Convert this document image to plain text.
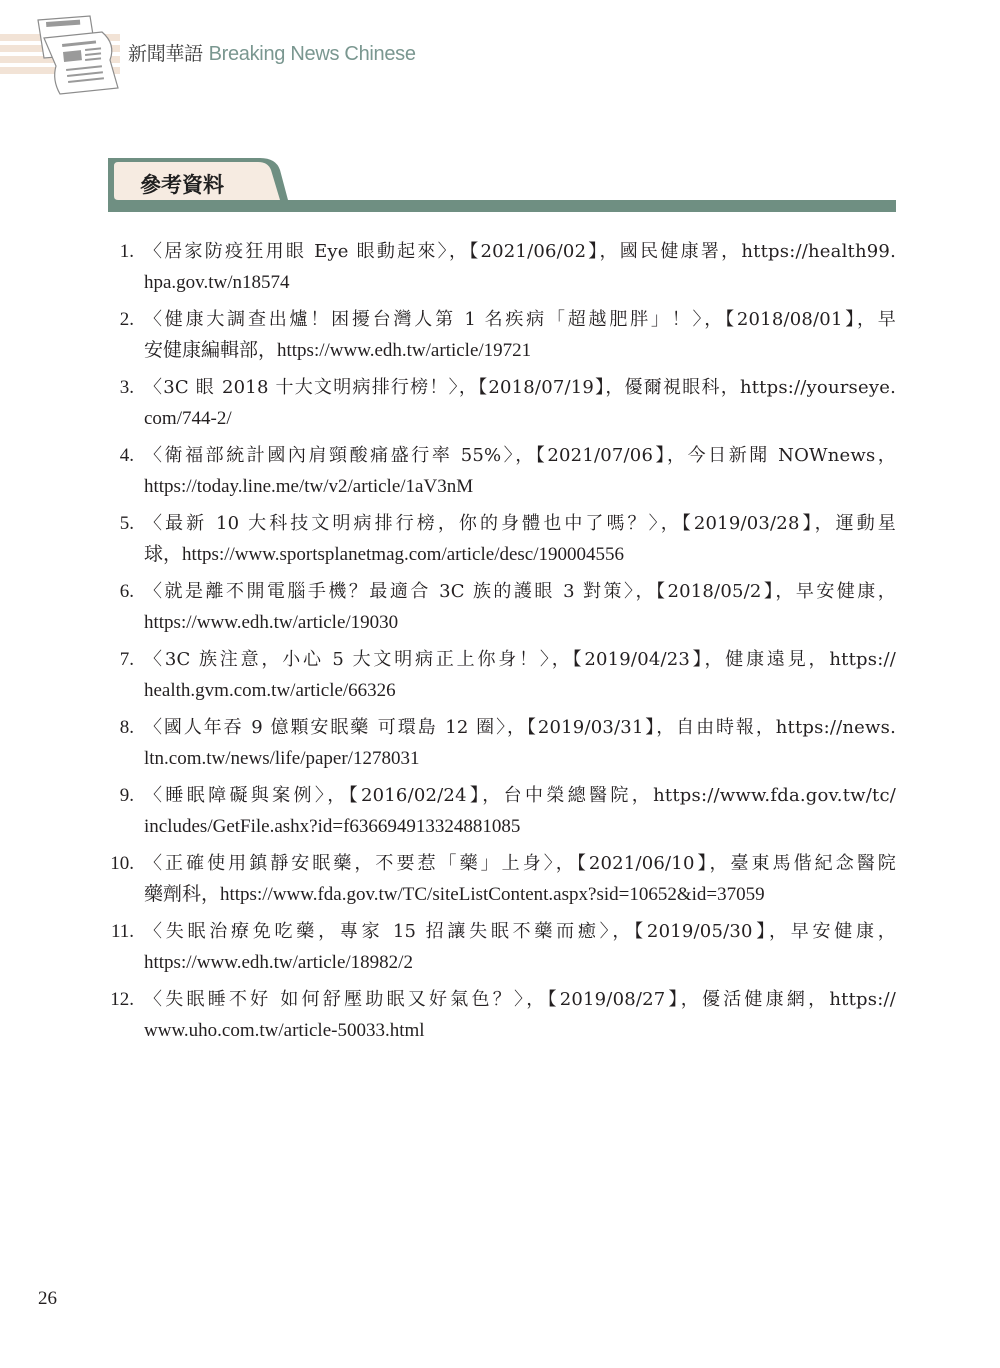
新聞華語 Breaking News Chinese
參考資料
1. 〈居家防疫狂用眼 Eye 眼動起來〉，【2021/06/02】，國民健康署，https://health99.
hpa.gov.tw/n18574
2. 〈健康大調查出爐！困擾台灣人第 1 名疾病「超越肥胖」！〉，【2018/08/01】，早
安健康編輯部，https://www.edh.tw/article/19721
3. 〈3C 眼 2018 十大文明病排行榜！〉，【2018/07/19】，優爾視眼科，https://yourseye.
com/744-2/
4. 〈衛福部統計國內肩頸酸痛盛行率 55%〉，【2021/07/06】，今日新聞 NOWnews，
https://today.line.me/tw/v2/article/1aV3nM
5. 〈最新 10 大科技文明病排行榜，你的身體也中了嗎？〉，【2019/03/28】，運動星
球，https://www.sportsplanetmag.com/article/desc/190004556
6. 〈就是離不開電腦手機？最適合 3C 族的護眼 3 對策〉，【2018/05/2】，早安健康，
https://www.edh.tw/article/19030
7. 〈3C 族注意，小心 5 大文明病正上你身！〉，【2019/04/23】，健康遠見，https://
health.gvm.com.tw/article/66326
8. 〈國人年吞 9 億顆安眠藥 可環島 12 圈〉，【2019/03/31】，自由時報，https://news.
ltn.com.tw/news/life/paper/1278031
9. 〈睡眠障礙與案例〉，【2016/02/24】，台中榮總醫院，https://www.fda.gov.tw/tc/
includes/GetFile.ashx?id=f636694913324881085
10. 〈正確使用鎮靜安眠藥，不要惹「藥」上身〉，【2021/06/10】，臺東馬偕紀念醫院
藥劑科，https://www.fda.gov.tw/TC/siteListContent.aspx?sid=10652&id=37059
11. 〈失眠治療免吃藥，專家 15 招讓失眠不藥而癒〉，【2019/05/30】，早安健康，
https://www.edh.tw/article/18982/2
12. 〈失眠睡不好 如何舒壓助眠又好氣色？〉，【2019/08/27】，優活健康網，https://
www.uho.com.tw/article-50033.html
26
